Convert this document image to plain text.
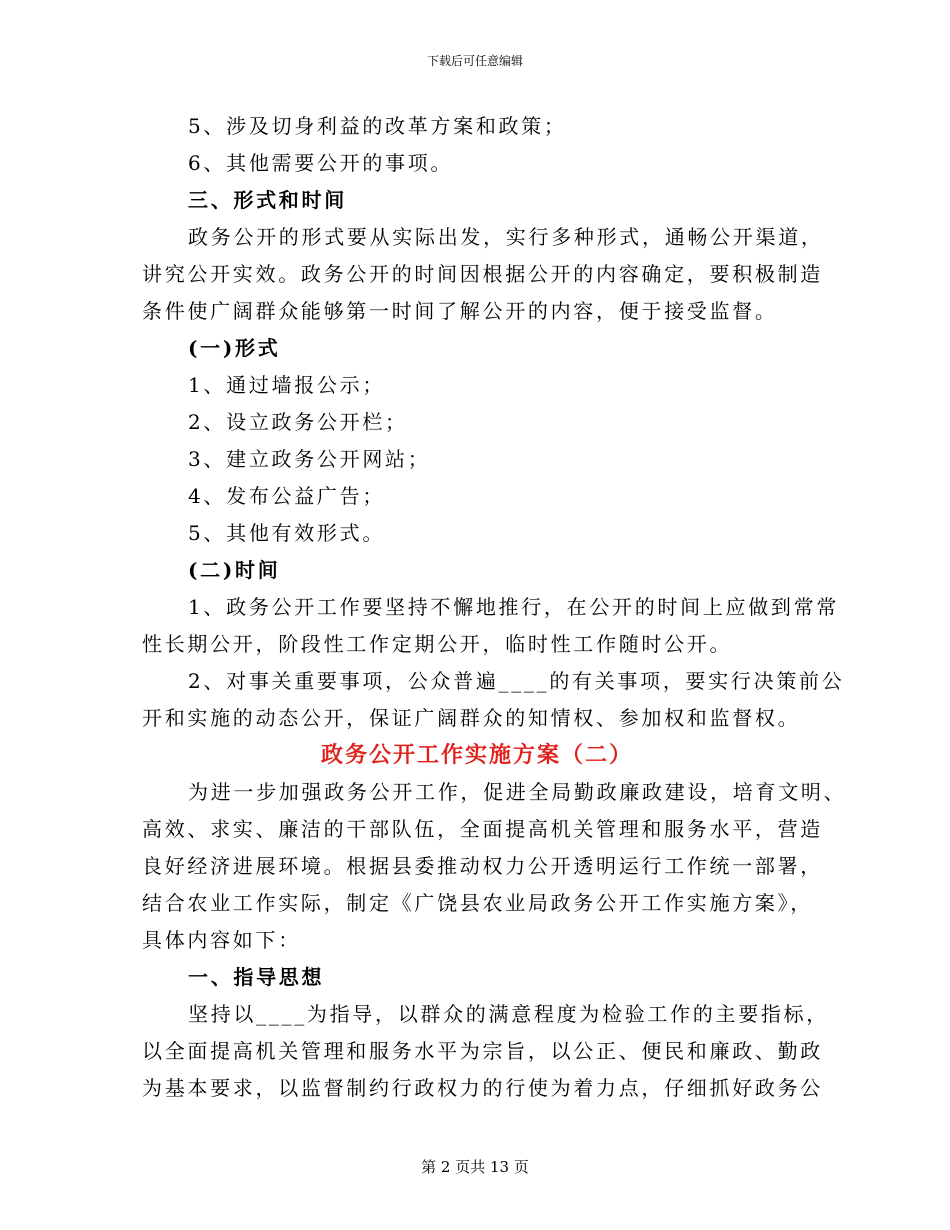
下载后可任意编辑
5、涉及切身利益的改革方案和政策；
6、其他需要公开的事项。
三、形式和时间
政务公开的形式要从实际出发，实行多种形式，通畅公开渠道，
讲究公开实效。政务公开的时间因根据公开的内容确定，要积极制造
条件使广阔群众能够第一时间了解公开的内容，便于接受监督。
(一)形式
1、通过墙报公示；
2、设立政务公开栏；
3、建立政务公开网站；
4、发布公益广告；
5、其他有效形式。
(二)时间
1、政务公开工作要坚持不懈地推行，在公开的时间上应做到常常
性长期公开，阶段性工作定期公开，临时性工作随时公开。
2、对事关重要事项，公众普遍____的有关事项，要实行决策前公
开和实施的动态公开，保证广阔群众的知情权、参加权和监督权。
政务公开工作实施方案（二）
为进一步加强政务公开工作，促进全局勤政廉政建设，培育文明、
高效、求实、廉洁的干部队伍，全面提高机关管理和服务水平，营造
良好经济进展环境。根据县委推动权力公开透明运行工作统一部署，
结合农业工作实际，制定《广饶县农业局政务公开工作实施方案》，
具体内容如下：
一、指导思想
坚持以____为指导，以群众的满意程度为检验工作的主要指标，
以全面提高机关管理和服务水平为宗旨，以公正、便民和廉政、勤政
为基本要求，以监督制约行政权力的行使为着力点，仔细抓好政务公
第 2 页共 13 页
